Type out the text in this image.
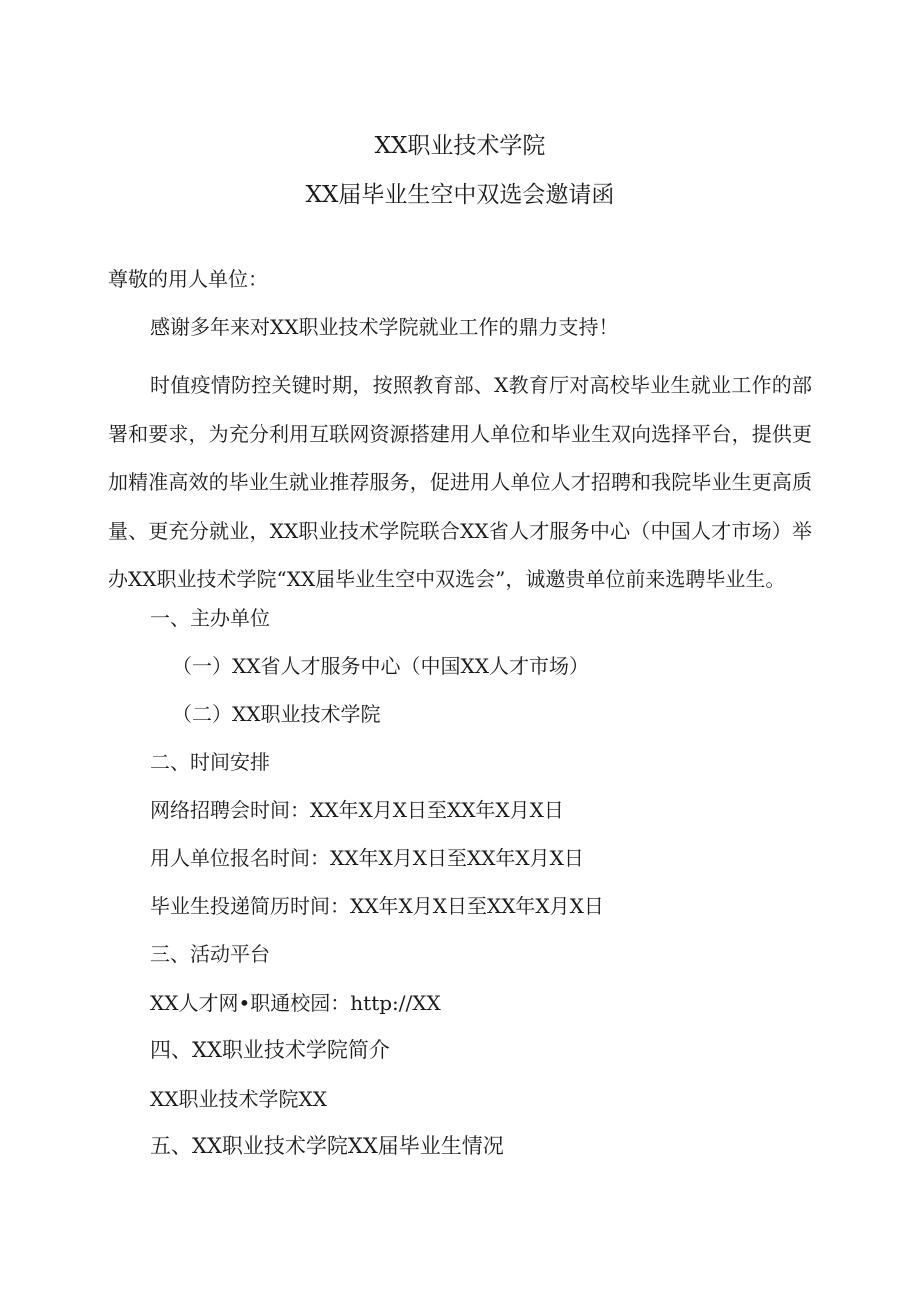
XX职业技术学院
XX届毕业生空中双选会邀请函
尊敬的用人单位：
感谢多年来对XX职业技术学院就业工作的鼎力支持！
时值疫情防控关键时期，按照教育部、X教育厅对高校毕业生就业工作的部署和要求，为充分利用互联网资源搭建用人单位和毕业生双向选择平台，提供更加精准高效的毕业生就业推荐服务，促进用人单位人才招聘和我院毕业生更高质量、更充分就业，XX职业技术学院联合XX省人才服务中心（中国人才市场）举办XX职业技术学院“XX届毕业生空中双选会”，诚邀贵单位前来选聘毕业生。
一、主办单位
（一）XX省人才服务中心（中国XX人才市场）
（二）XX职业技术学院
二、时间安排
网络招聘会时间：XX年X月X日至XX年X月X日
用人单位报名时间：XX年X月X日至XX年X月X日
毕业生投递简历时间：XX年X月X日至XX年X月X日
三、活动平台
XX人才网•职通校园：http://XX
四、XX职业技术学院简介
XX职业技术学院XX
五、XX职业技术学院XX届毕业生情况
